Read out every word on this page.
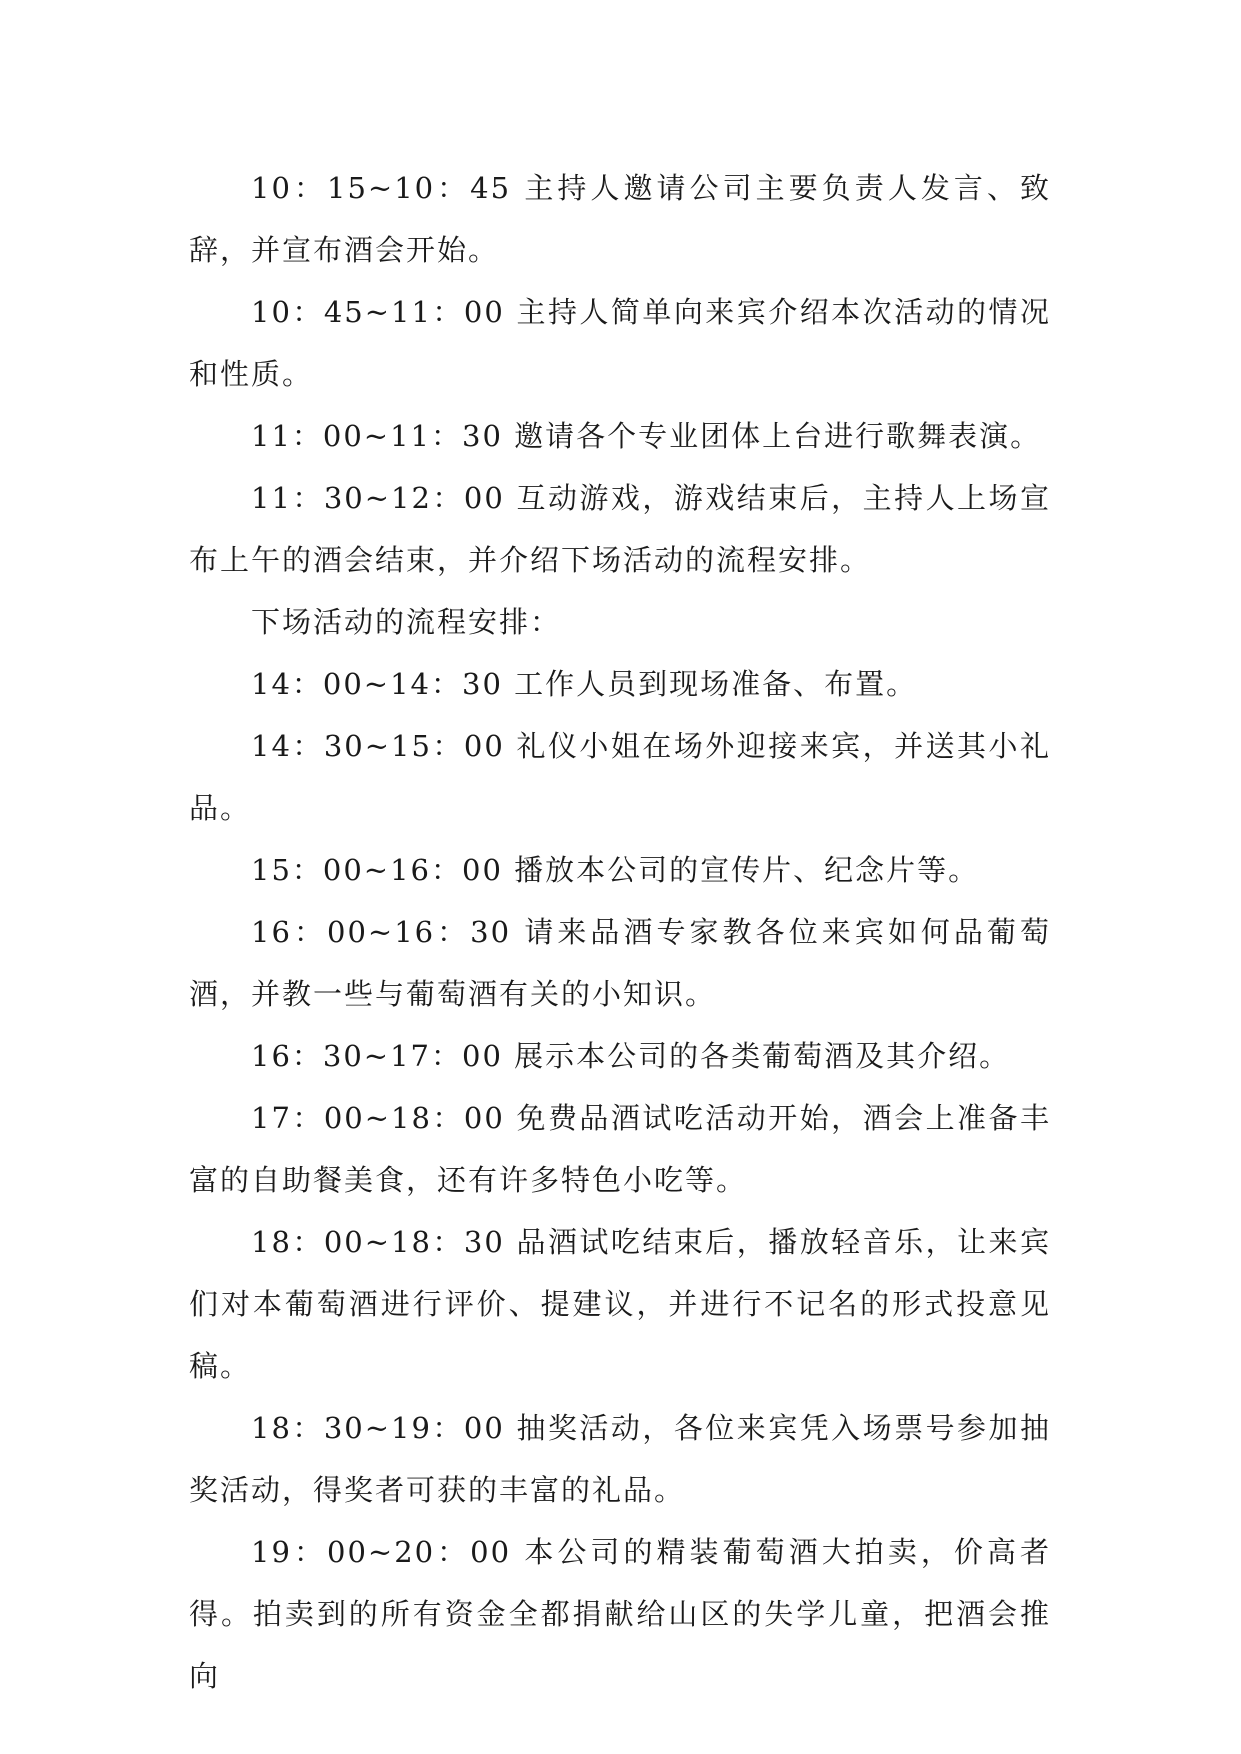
10：15~10：45 主持人邀请公司主要负责人发言、致辞，并宣布酒会开始。

10：45~11：00 主持人简单向来宾介绍本次活动的情况和性质。

11：00~11：30 邀请各个专业团体上台进行歌舞表演。

11：30~12：00 互动游戏，游戏结束后，主持人上场宣布上午的酒会结束，并介绍下场活动的流程安排。

下场活动的流程安排：

14：00~14：30 工作人员到现场准备、布置。

14：30~15：00 礼仪小姐在场外迎接来宾，并送其小礼品。

15：00~16：00 播放本公司的宣传片、纪念片等。

16：00~16：30 请来品酒专家教各位来宾如何品葡萄酒，并教一些与葡萄酒有关的小知识。

16：30~17：00 展示本公司的各类葡萄酒及其介绍。

17：00~18：00 免费品酒试吃活动开始，酒会上准备丰富的自助餐美食，还有许多特色小吃等。

18：00~18：30 品酒试吃结束后，播放轻音乐，让来宾们对本葡萄酒进行评价、提建议，并进行不记名的形式投意见稿。

18：30~19：00 抽奖活动，各位来宾凭入场票号参加抽奖活动，得奖者可获的丰富的礼品。

19：00~20：00 本公司的精装葡萄酒大拍卖，价高者得。拍卖到的所有资金全都捐献给山区的失学儿童，把酒会推向
